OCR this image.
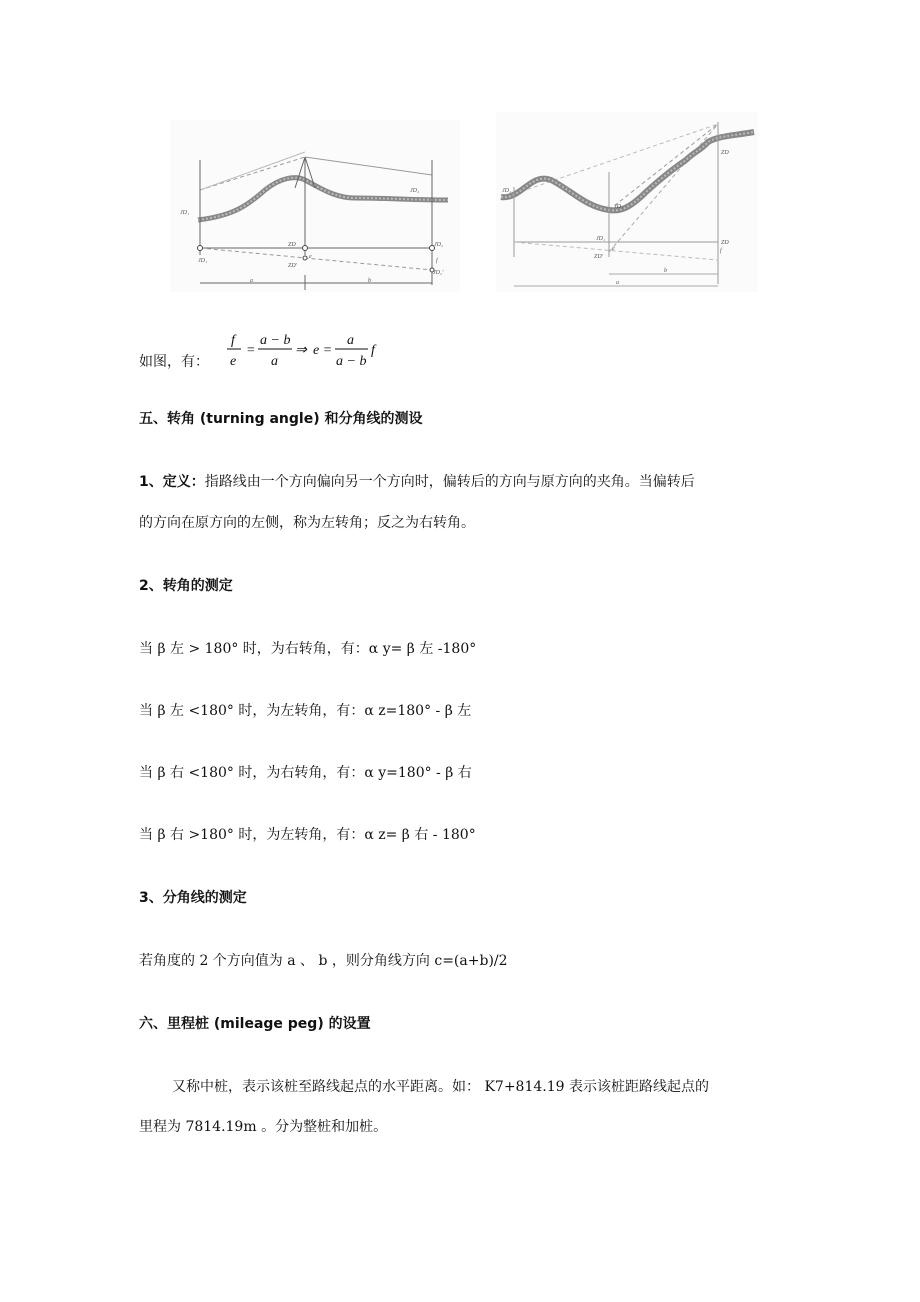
JD₁
JD₂
ZD
JD₁
ZD'
e
JD₂
f
JD₂'
a	b
JD₁
JD₂
ZD
JD₁
ZD'
e	f
ZD
b
a
如图，有：
f
e
=
a − b
a
⇒ e =
a
a − b
f
五、转角 (turning angle) 和分角线的测设
1、定义：指路线由一个方向偏向另一个方向时，偏转后的方向与原方向的夹角。当偏转后
的方向在原方向的左侧，称为左转角；反之为右转角。
2、转角的测定
当 β 左 > 180° 时，为右转角，有：α y= β 左 -180°
当 β 左 <180° 时，为左转角，有：α z=180° - β 左
当 β 右 <180° 时，为右转角，有：α y=180° - β 右
当 β 右 >180° 时，为左转角，有：α z= β 右 - 180°
3、分角线的测定
若角度的 2 个方向值为 a 、 b ，则分角线方向 c=(a+b)/2
六、里程桩 (mileage peg) 的设置
又称中桩，表示该桩至路线起点的水平距离。如： K7+814.19 表示该桩距路线起点的
里程为 7814.19m 。分为整桩和加桩。
